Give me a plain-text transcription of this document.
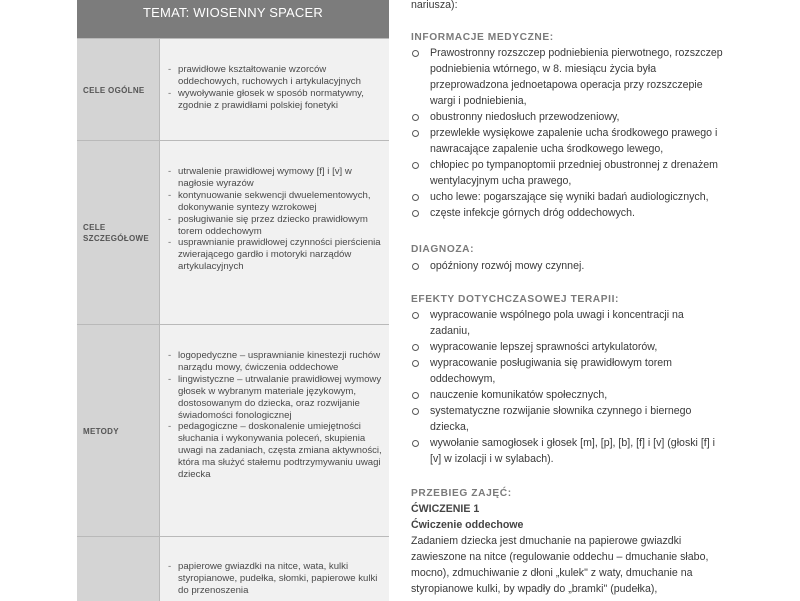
TEMAT: WIOSENNY SPACER
CELE OGÓLNE
- prawidłowe kształtowanie wzorców oddechowych, ruchowych i artykulacyjnych
- wywoływanie głosek w sposób normatywny, zgodnie z prawidłami polskiej fonetyki
CELE SZCZEGÓŁOWE
- utrwalenie prawidłowej wymowy [f] i [v] w nagłosie wyrazów
- kontynuowanie sekwencji dwuelementowych, dokonywanie syntezy wzrokowej
- posługiwanie się przez dziecko prawidłowym torem oddechowym
- usprawnianie prawidłowej czynności pierścienia zwierającego gardło i motoryki narządów artykulacyjnych
METODY
- logopedyczne – usprawnianie kinestezji ruchów narządu mowy, ćwiczenia oddechowe
- lingwistyczne – utrwalanie prawidłowej wymowy głosek w wybranym materiale językowym, dostosowanym do dziecka, oraz rozwijanie świadomości fonologicznej
- pedagogiczne – doskonalenie umiejętności słuchania i wykonywania poleceń, skupienia uwagi na zadaniach, częsta zmiana aktywności, która ma służyć stałemu podtrzymywaniu uwagi dziecka
- papierowe gwiazdki na nitce, wata, kulki styropianowe, pudełka, słomki, papierowe kulki do przenoszenia
nariusza):
INFORMACJE MEDYCZNE:
Prawostronny rozszczep podniebienia pierwotnego, rozszczep podniebienia wtórnego, w 8. miesiącu życia była przeprowadzona jednoetapowa operacja przy rozszczepie wargi i podniebienia,
obustronny niedosłuch przewodzeniowy,
przewlekłe wysiękowe zapalenie ucha środkowego prawego i nawracające zapalenie ucha środkowego lewego,
chłopiec po tympanoptomii przedniej obustronnej z drenażem wentylacyjnym ucha prawego,
ucho lewe: pogarszające się wyniki badań audiologicznych,
częste infekcje górnych dróg oddechowych.
DIAGNOZA:
opóźniony rozwój mowy czynnej.
EFEKTY DOTYCHCZASOWEJ TERAPII:
wypracowanie wspólnego pola uwagi i koncentracji na zadaniu,
wypracowanie lepszej sprawności artykulatorów,
wypracowanie posługiwania się prawidłowym torem oddechowym,
nauczenie komunikatów społecznych,
systematyczne rozwijanie słownika czynnego i biernego dziecka,
wywołanie samogłosek i głosek [m], [p], [b], [f] i [v] (głoski [f] i [v] w izolacji i w sylabach).
PRZEBIEG ZAJĘĆ:
ĆWICZENIE 1
Ćwiczenie oddechowe
Zadaniem dziecka jest dmuchanie na papierowe gwiazdki zawieszone na nitce (regulowanie oddechu – dmuchanie słabo, mocno), zdmuchiwanie z dłoni „kulek" z waty, dmuchanie na styropianowe kulki, by wpadły do „bramki" (pudełka),
